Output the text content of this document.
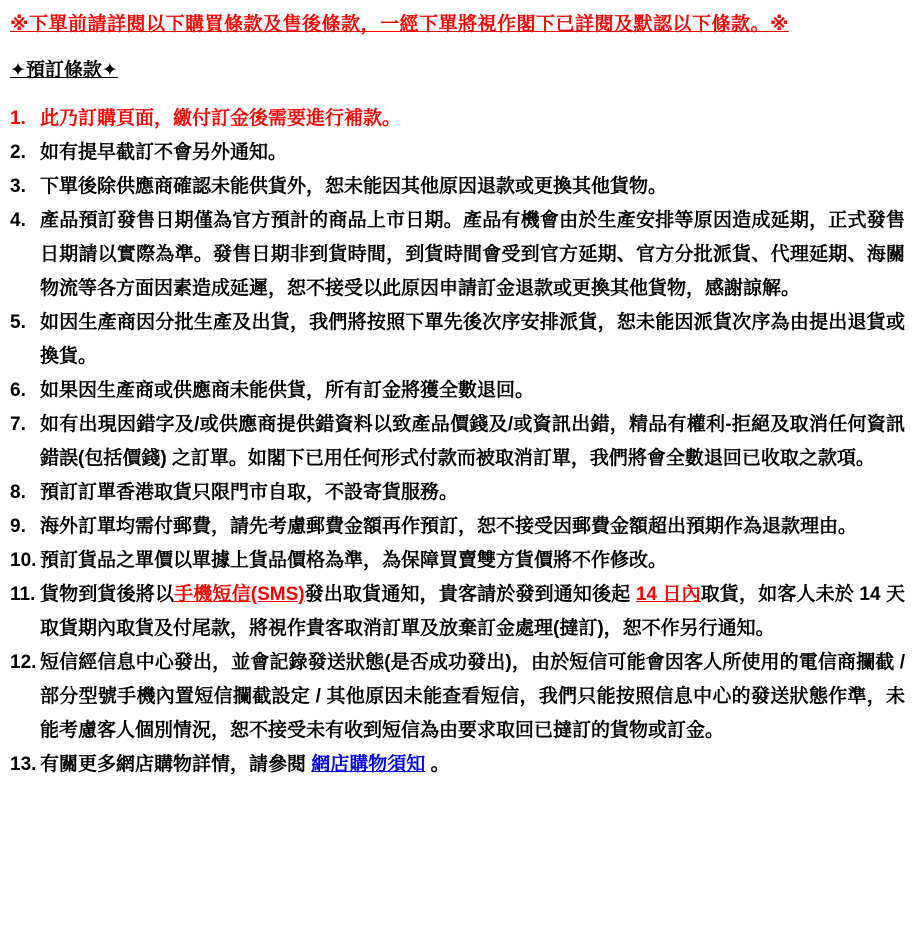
※下單前請詳閱以下購買條款及售後條款，一經下單將視作閣下已詳閱及默認以下條款。※
✦預訂條款✦
1. 此乃訂購頁面，繳付訂金後需要進行補款。
2. 如有提早截訂不會另外通知。
3. 下單後除供應商確認未能供貨外，恕未能因其他原因退款或更換其他貨物。
4. 產品預訂發售日期僅為官方預計的商品上市日期。產品有機會由於生產安排等原因造成延期，正式發售日期請以實際為準。發售日期非到貨時間，到貨時間會受到官方延期、官方分批派貨、代理延期、海關物流等各方面因素造成延遲，恕不接受以此原因申請訂金退款或更換其他貨物，感謝諒解。
5. 如因生產商因分批生產及出貨，我們將按照下單先後次序安排派貨，恕未能因派貨次序為由提出退貨或換貨。
6. 如果因生產商或供應商未能供貨，所有訂金將獲全數退回。
7. 如有出現因錯字及/或供應商提供錯資料以致產品價錢及/或資訊出錯，精品有權利-拒絕及取消任何資訊錯誤(包括價錢) 之訂單。如閣下已用任何形式付款而被取消訂單，我們將會全數退回已收取之款項。
8. 預訂訂單香港取貨只限門市自取，不設寄貨服務。
9. 海外訂單均需付郵費，請先考慮郵費金額再作預訂，恕不接受因郵費金額超出預期作為退款理由。
10. 預訂貨品之單價以單據上貨品價格為準，為保障買賣雙方貨價將不作修改。
11. 貨物到貨後將以手機短信(SMS)發出取貨通知，貴客請於發到通知後起 14 日內取貨，如客人未於 14 天取貨期內取貨及付尾款，將視作貴客取消訂單及放棄訂金處理(撻訂)，恕不作另行通知。
12. 短信經信息中心發出，並會記錄發送狀態(是否成功發出)，由於短信可能會因客人所使用的電信商攔截 / 部分型號手機內置短信攔截設定 / 其他原因未能查看短信，我們只能按照信息中心的發送狀態作準，未能考慮客人個別情況，恕不接受未有收到短信為由要求取回已撻訂的貨物或訂金。
13. 有關更多網店購物詳情，請參閱 網店購物須知 。
